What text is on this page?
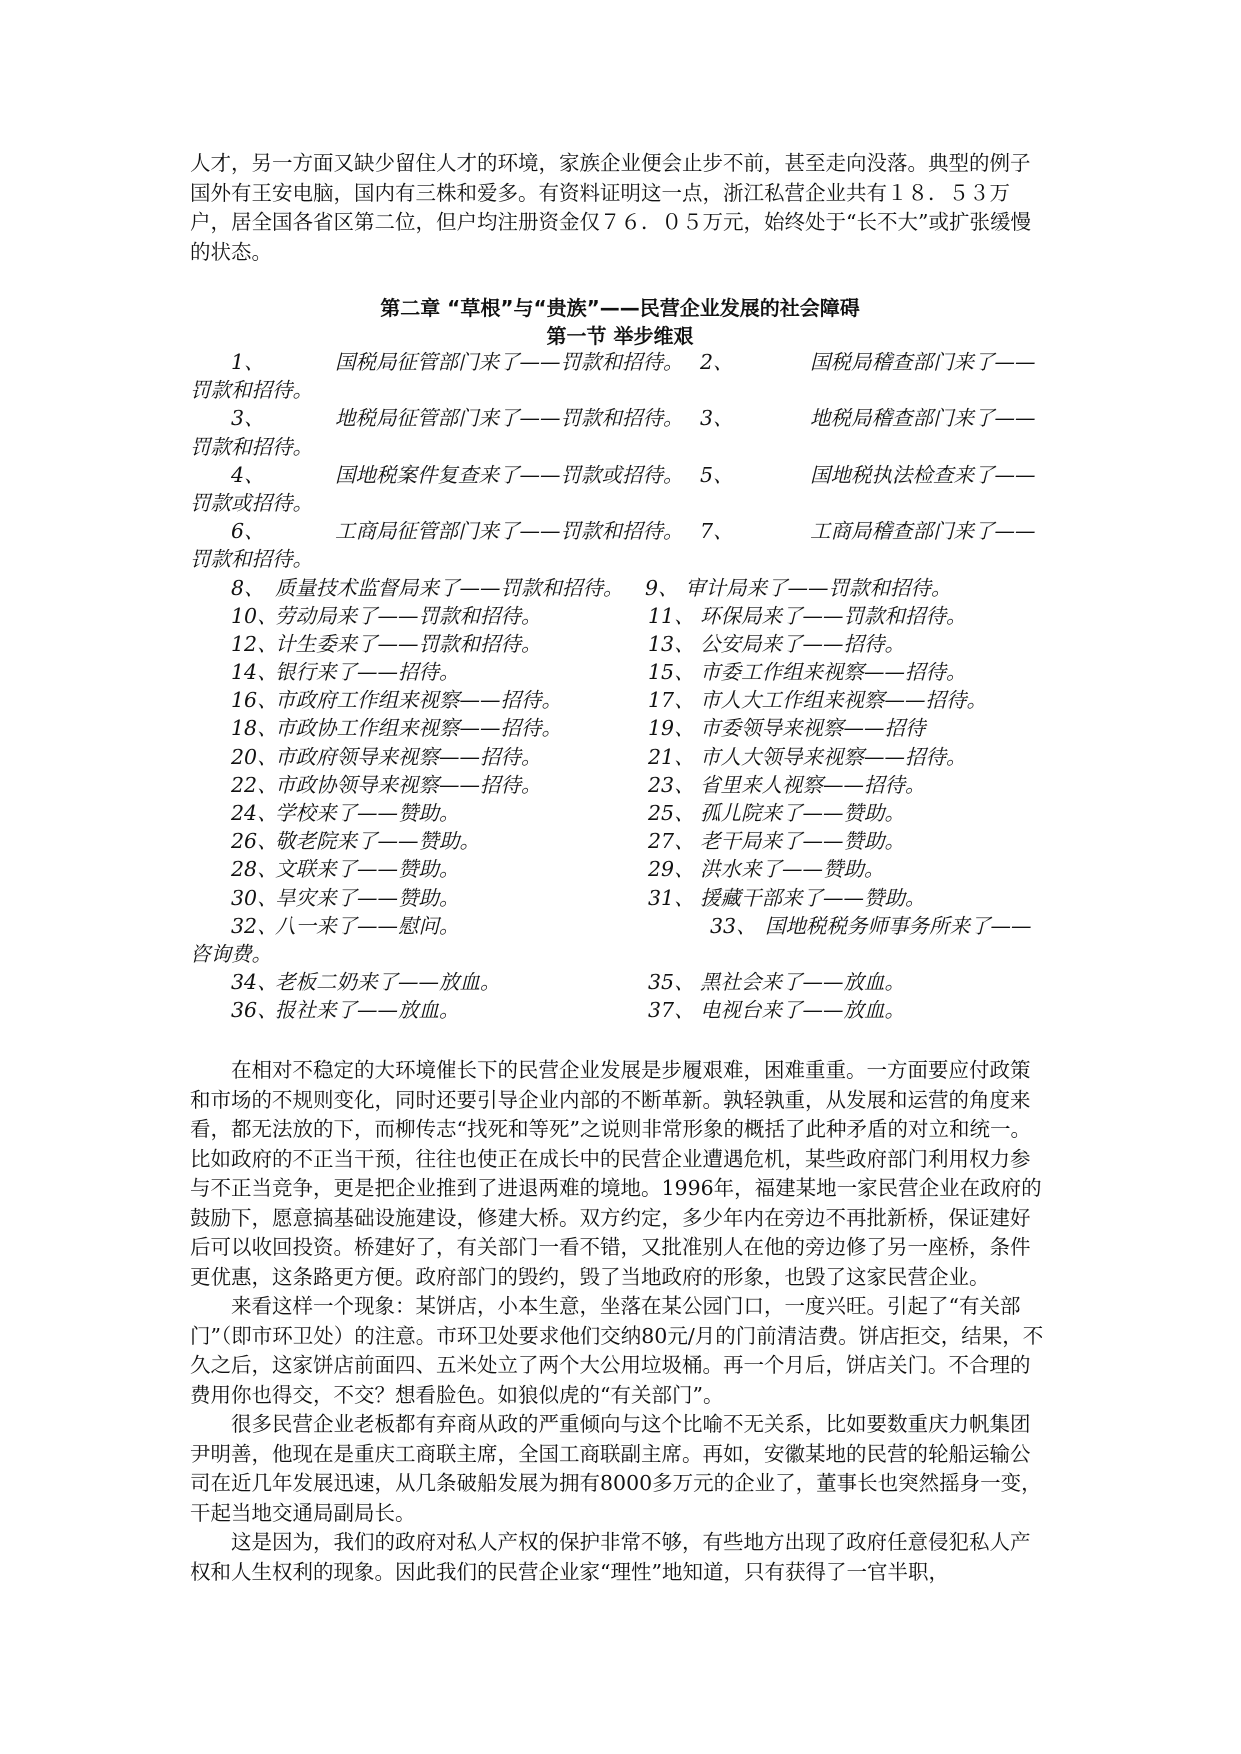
人才，另一方面又缺少留住人才的环境，家族企业便会止步不前，甚至走向没落。典型的例子国外有王安电脑，国内有三株和爱多。有资料证明这一点，浙江私营企业共有１８．５３万户，居全国各省区第二位，但户均注册资金仅７６．０５万元，始终处于“长不大”或扩张缓慢的状态。

第二章 “草根”与“贵族”——民营企业发展的社会障碍
第一节 举步维艰
1、	国税局征管部门来了——罚款和招待。 2、	国税局稽查部门来了——
罚款和招待。
3、	地税局征管部门来了——罚款和招待。 3、	地税局稽查部门来了——
罚款和招待。
4、	国地税案件复查来了——罚款或招待。 5、	国地税执法检查来了——
罚款或招待。
6、	工商局征管部门来了——罚款和招待。 7、	工商局稽查部门来了——
罚款和招待。
8、 质量技术监督局来了——罚款和招待。 9、 审计局来了——罚款和招待。
10、
劳动局来了——罚款和招待。	11、 环保局来了——罚款和招待。
12、
计生委来了——罚款和招待。	13、 公安局来了——招待。
14、
银行来了——招待。	15、 市委工作组来视察——招待。
16、
市政府工作组来视察——招待。	17、 市人大工作组来视察——招待。
18、
市政协工作组来视察——招待。	19、 市委领导来视察——招待
20、
市政府领导来视察——招待。	21、 市人大领导来视察——招待。
22、
市政协领导来视察——招待。	23、 省里来人视察——招待。
24、
学校来了——赞助。	25、 孤儿院来了——赞助。
26、
敬老院来了——赞助。	27、 老干局来了——赞助。
28、
文联来了——赞助。	29、 洪水来了——赞助。
30、
旱灾来了——赞助。	31、 援藏干部来了——赞助。
32、
八一来了——慰问。	33、 国地税税务师事务所来了——
咨询费。
34、
老板二奶来了——放血。	35、 黑社会来了——放血。
36、
报社来了——放血。	37、 电视台来了——放血。

在相对不稳定的大环境催长下的民营企业发展是步履艰难，困难重重。一方面要应付政策和市场的不规则变化，同时还要引导企业内部的不断革新。孰轻孰重，从发展和运营的角度来看，都无法放的下，而柳传志“找死和等死”之说则非常形象的概括了此种矛盾的对立和统一。比如政府的不正当干预，往往也使正在成长中的民营企业遭遇危机，某些政府部门利用权力参与不正当竞争，更是把企业推到了进退两难的境地。1996年，福建某地一家民营企业在政府的鼓励下，愿意搞基础设施建设，修建大桥。双方约定，多少年内在旁边不再批新桥，保证建好后可以收回投资。桥建好了，有关部门一看不错，又批准别人在他的旁边修了另一座桥，条件更优惠，这条路更方便。政府部门的毁约，毁了当地政府的形象，也毁了这家民营企业。

来看这样一个现象：某饼店，小本生意，坐落在某公园门口，一度兴旺。引起了“有关部门”（即市环卫处）的注意。市环卫处要求他们交纳80元/月的门前清洁费。饼店拒交，结果，不久之后，这家饼店前面四、五米处立了两个大公用垃圾桶。再一个月后，饼店关门。不合理的费用你也得交，不交？想看脸色。如狼似虎的“有关部门”。

很多民营企业老板都有弃商从政的严重倾向与这个比喻不无关系，比如要数重庆力帆集团尹明善，他现在是重庆工商联主席，全国工商联副主席。再如，安徽某地的民营的轮船运输公司在近几年发展迅速，从几条破船发展为拥有8000多万元的企业了，董事长也突然摇身一变，干起当地交通局副局长。

这是因为，我们的政府对私人产权的保护非常不够，有些地方出现了政府任意侵犯私人产权和人生权利的现象。因此我们的民营企业家“理性”地知道，只有获得了一官半职，
